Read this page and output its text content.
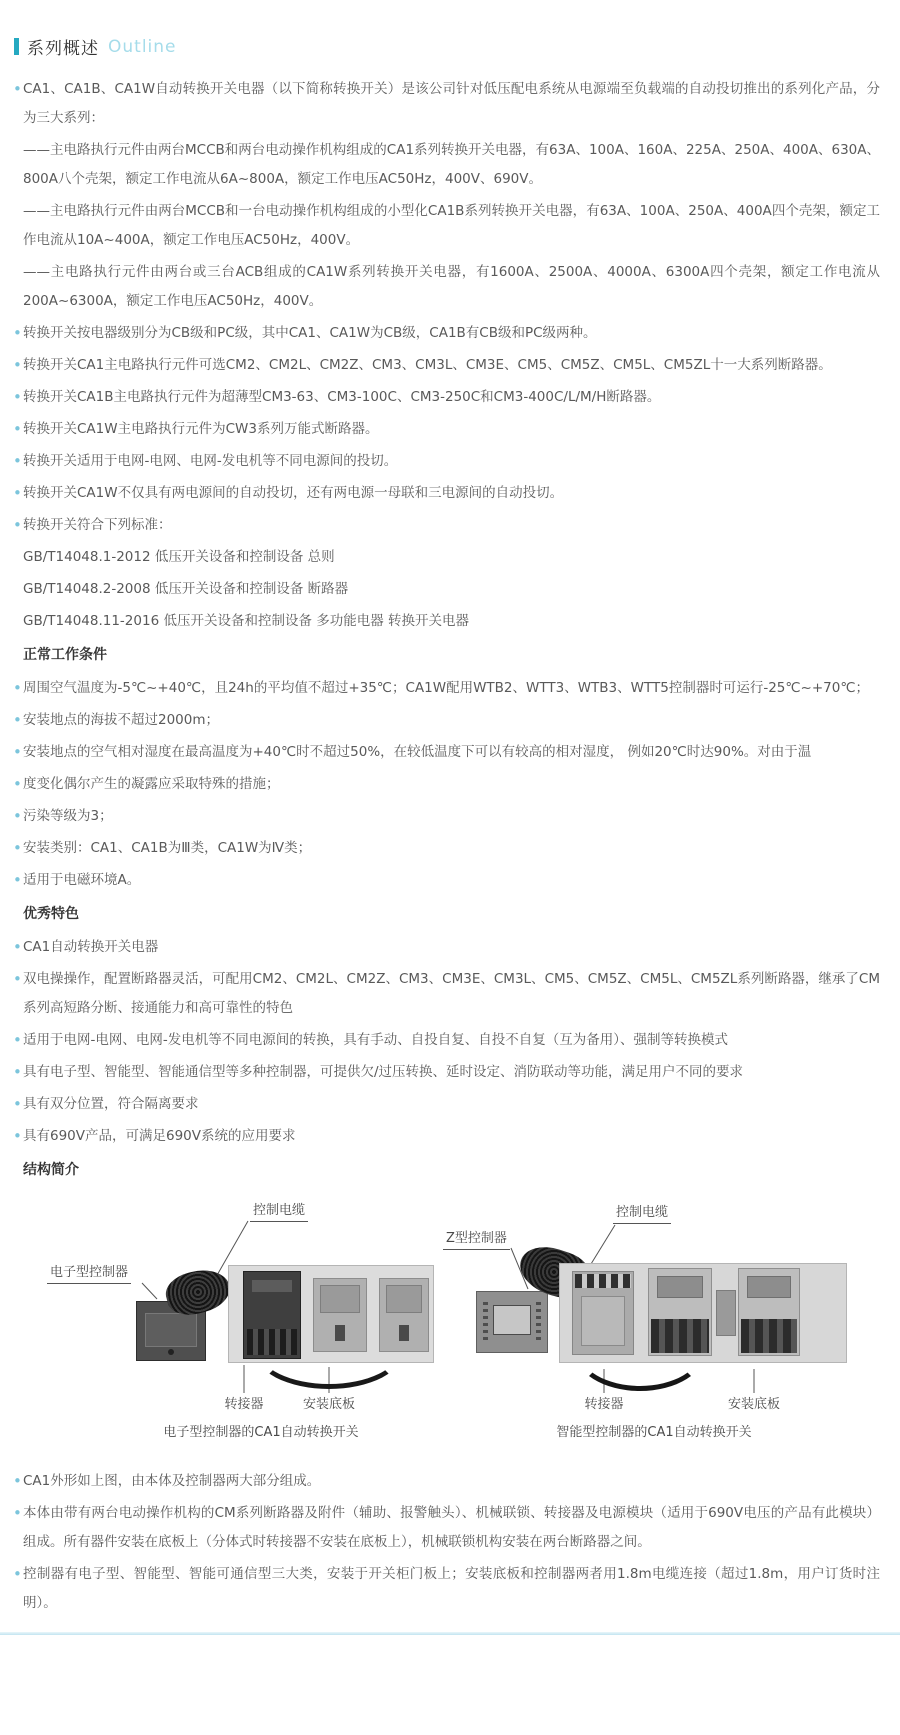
系列概述 Outline

• CA1、CA1B、CA1W自动转换开关电器（以下简称转换开关）是该公司针对低压配电系统从电源端至负载端的自动投切推出的系列化产品，分为三大系列：

——主电路执行元件由两台MCCB和两台电动操作机构组成的CA1系列转换开关电器，有63A、100A、160A、225A、250A、400A、630A、800A八个壳架，额定工作电流从6A~800A，额定工作电压AC50Hz，400V、690V。

——主电路执行元件由两台MCCB和一台电动操作机构组成的小型化CA1B系列转换开关电器，有63A、100A、250A、400A四个壳架，额定工作电流从10A~400A，额定工作电压AC50Hz，400V。

——主电路执行元件由两台或三台ACB组成的CA1W系列转换开关电器，有1600A、2500A、4000A、6300A四个壳架，额定工作电流从200A~6300A，额定工作电压AC50Hz，400V。

• 转换开关按电器级别分为CB级和PC级，其中CA1、CA1W为CB级，CA1B有CB级和PC级两种。

• 转换开关CA1主电路执行元件可选CM2、CM2L、CM2Z、CM3、CM3L、CM3E、CM5、CM5Z、CM5L、CM5ZL十一大系列断路器。

• 转换开关CA1B主电路执行元件为超薄型CM3-63、CM3-100C、CM3-250C和CM3-400C/L/M/H断路器。

• 转换开关CA1W主电路执行元件为CW3系列万能式断路器。

• 转换开关适用于电网-电网、电网-发电机等不同电源间的投切。

• 转换开关CA1W不仅具有两电源间的自动投切，还有两电源一母联和三电源间的自动投切。

• 转换开关符合下列标准：

GB/T14048.1-2012 低压开关设备和控制设备 总则

GB/T14048.2-2008 低压开关设备和控制设备 断路器

GB/T14048.11-2016 低压开关设备和控制设备 多功能电器 转换开关电器

正常工作条件

• 周围空气温度为-5℃~+40℃，且24h的平均值不超过+35℃；CA1W配用WTB2、WTT3、WTB3、WTT5控制器时可运行-25℃~+70℃；

• 安装地点的海拔不超过2000m；

• 安装地点的空气相对湿度在最高温度为+40℃时不超过50%，在较低温度下可以有较高的相对湿度， 例如20℃时达90%。对由于温

• 度变化偶尔产生的凝露应采取特殊的措施；

• 污染等级为3；

• 安装类别：CA1、CA1B为Ⅲ类，CA1W为Ⅳ类；

• 适用于电磁环境A。

优秀特色

• CA1自动转换开关电器

• 双电操操作，配置断路器灵活，可配用CM2、CM2L、CM2Z、CM3、CM3E、CM3L、CM5、CM5Z、CM5L、CM5ZL系列断路器，继承了CM系列高短路分断、接通能力和高可靠性的特色

• 适用于电网-电网、电网-发电机等不同电源间的转换，具有手动、自投自复、自投不自复（互为备用）、强制等转换模式

• 具有电子型、智能型、智能通信型等多种控制器，可提供欠/过压转换、延时设定、消防联动等功能，满足用户不同的要求

• 具有双分位置，符合隔离要求

• 具有690V产品，可满足690V系统的应用要求

结构简介
控制电缆
电子型控制器
转接器	安装底板
电子型控制器的CA1自动转换开关
Z型控制器
控制电缆
转接器	安装底板
智能型控制器的CA1自动转换开关

• CA1外形如上图，由本体及控制器两大部分组成。

• 本体由带有两台电动操作机构的CM系列断路器及附件（辅助、报警触头）、机械联锁、转接器及电源模块（适用于690V电压的产品有此模块）组成。所有器件安装在底板上（分体式时转接器不安装在底板上），机械联锁机构安装在两台断路器之间。

• 控制器有电子型、智能型、智能可通信型三大类，安装于开关柜门板上；安装底板和控制器两者用1.8m电缆连接（超过1.8m，用户订货时注明）。
